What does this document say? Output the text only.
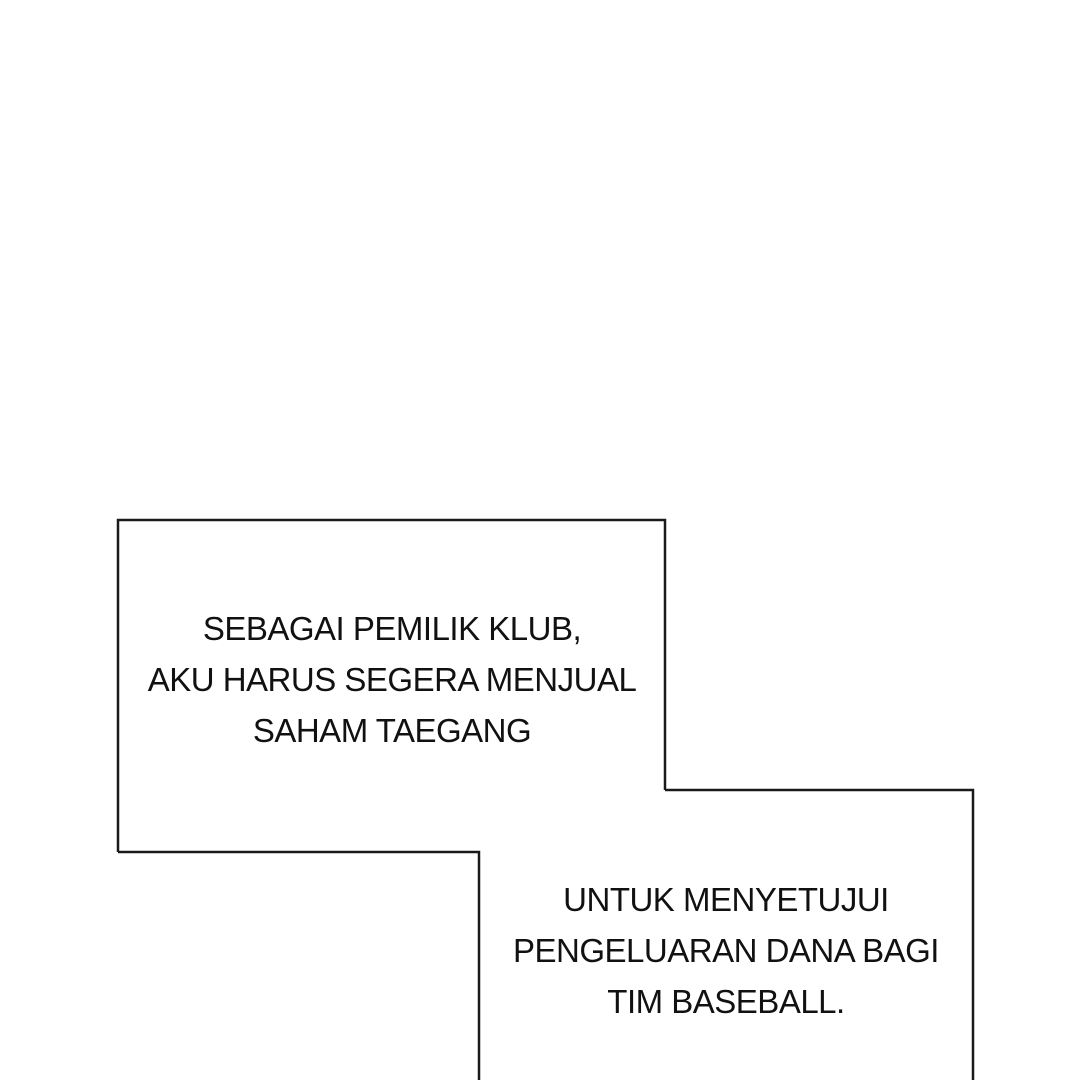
SEBAGAI PEMILIK KLUB,
AKU HARUS SEGERA MENJUAL
SAHAM TAEGANG
UNTUK MENYETUJUI
PENGELUARAN DANA BAGI
TIM BASEBALL.
